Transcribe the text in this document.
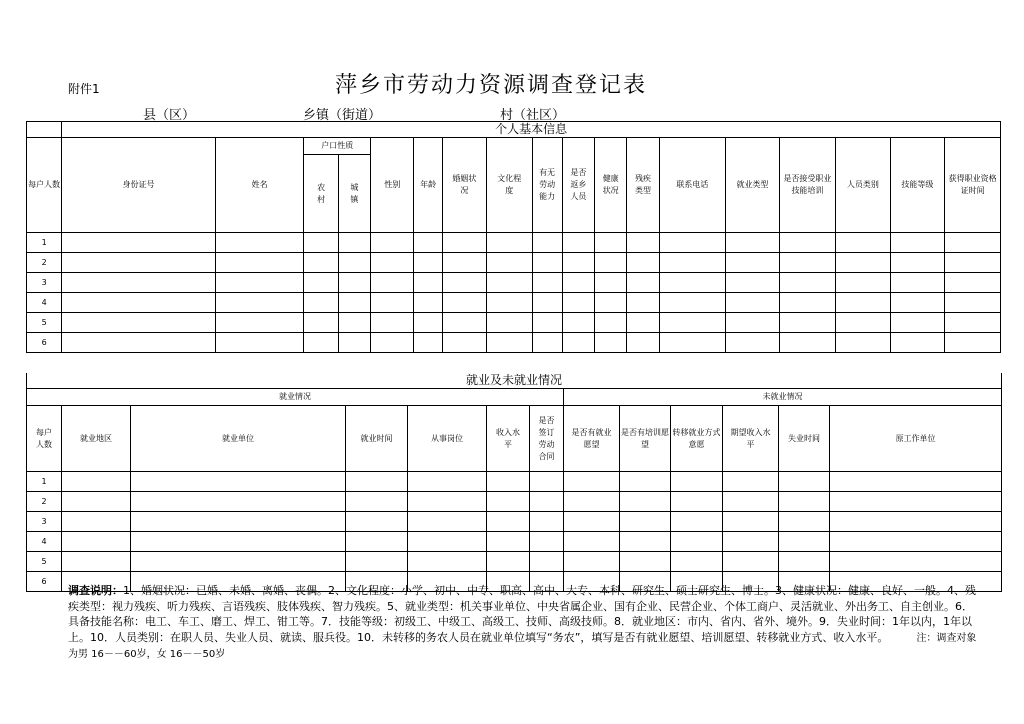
附件1	萍乡市劳动力资源调查登记表
县（区）	乡镇（街道）	村（社区）
	个人基本信息																	
每户人数	身份证号	姓名	户口性质		性别	年龄	婚姻状况	文化程度	有无劳动能力	是否返乡人员	健康状况	残疾类型	联系电话	就业类型	是否接受职业技能培训	人员类别	技能等级	获得职业资格证时间
			农村	城镇														
1																		
2																		
3																		
4																		
5																		
6																		
就业及未就业情况												
就业情况							未就业情况					
每户人数	就业地区	就业单位	就业时间	从事岗位	收入水平	是否签订劳动合同	是否有就业愿望	是否有培训愿望	转移就业方式意愿	期望收入水平	失业时间	原工作单位
1												
2												
3												
4												
5												
6												
调查说明：1、婚姻状况：已婚、未婚、离婚、丧偶。2、文化程度：小学、初中、中专、职高、高中、大专、本科、研究生、硕士研究生、博士。3、健康状况：健康、良好、一般。4、残疾类型：视力残疾、听力残疾、言语残疾、肢体残疾、智力残疾。5、就业类型：机关事业单位、中央省属企业、国有企业、民营企业、个体工商户、灵活就业、外出务工、自主创业。6．具备技能名称：电工、车工、磨工、焊工、钳工等。7．技能等级：初级工、中级工、高级工、技师、高级技师。8．就业地区：市内、省内、省外、境外。9．失业时间：1年以内，1年以上。10．人员类别：在职人员、失业人员、就读、服兵役。10．未转移的务农人员在就业单位填写“务农”，填写是否有就业愿望、培训愿望、转移就业方式、收入水平。	注：调查对象为男 16－－60岁，女 16－－50岁
